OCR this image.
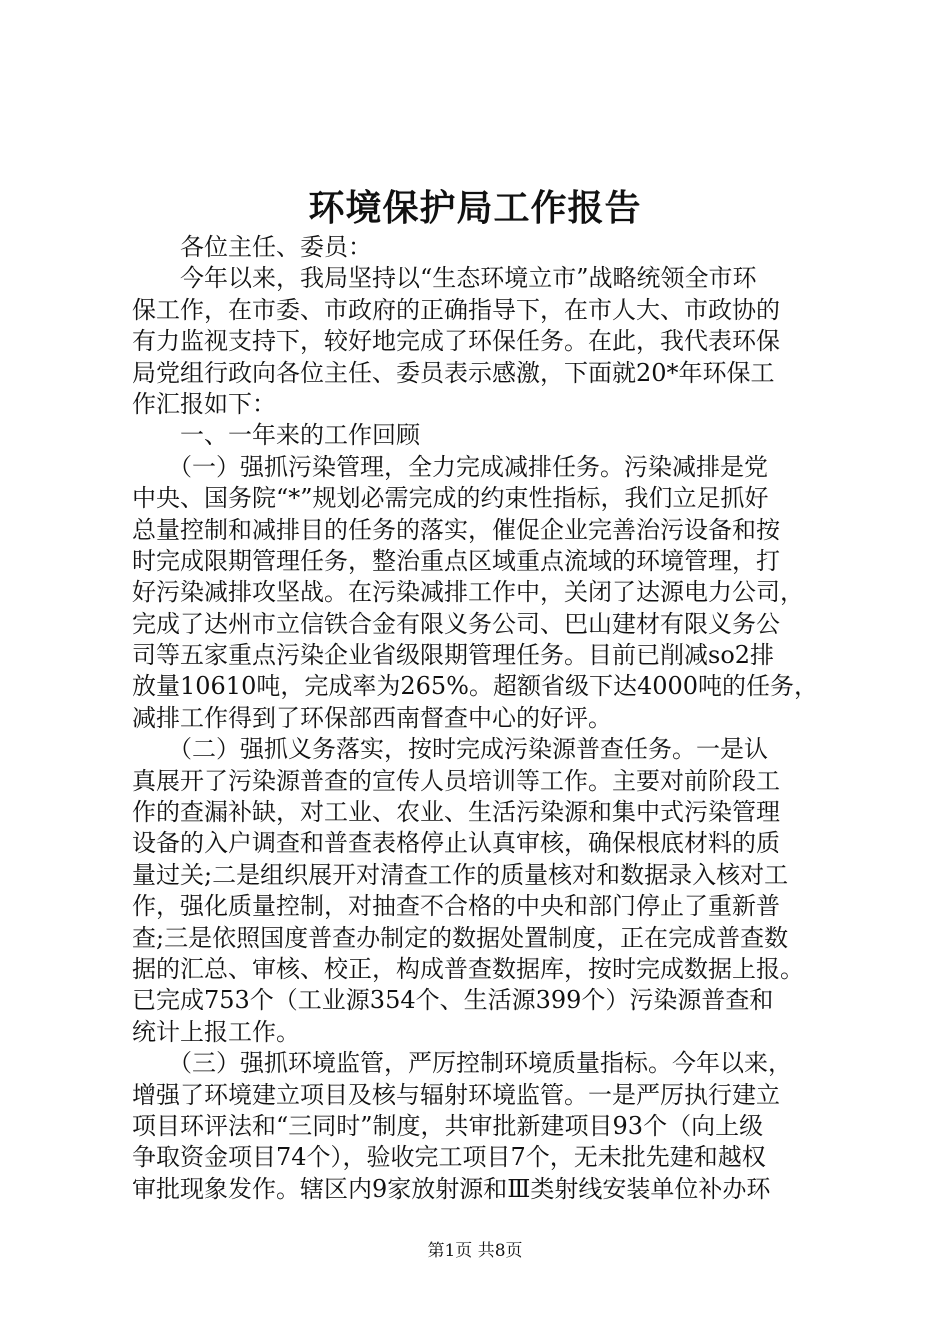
环境保护局工作报告
　　各位主任、委员：
　　今年以来，我局坚持以“生态环境立市”战略统领全市环
保工作，在市委、市政府的正确指导下，在市人大、市政协的
有力监视支持下，较好地完成了环保任务。在此，我代表环保
局党组行政向各位主任、委员表示感激，下面就20*年环保工
作汇报如下：
　　一、一年来的工作回顾
　　（一）强抓污染管理，全力完成减排任务。污染减排是党
中央、国务院“*”规划必需完成的约束性指标，我们立足抓好
总量控制和减排目的任务的落实，催促企业完善治污设备和按
时完成限期管理任务，整治重点区域重点流域的环境管理，打
好污染减排攻坚战。在污染减排工作中，关闭了达源电力公司，
完成了达州市立信铁合金有限义务公司、巴山建材有限义务公
司等五家重点污染企业省级限期管理任务。目前已削减so2排
放量10610吨，完成率为265%。超额省级下达4000吨的任务，
减排工作得到了环保部西南督查中心的好评。
　　（二）强抓义务落实，按时完成污染源普查任务。一是认
真展开了污染源普查的宣传人员培训等工作。主要对前阶段工
作的查漏补缺，对工业、农业、生活污染源和集中式污染管理
设备的入户调查和普查表格停止认真审核，确保根底材料的质
量过关;二是组织展开对清查工作的质量核对和数据录入核对工
作，强化质量控制，对抽查不合格的中央和部门停止了重新普
查;三是依照国度普查办制定的数据处置制度，正在完成普查数
据的汇总、审核、校正，构成普查数据库，按时完成数据上报。
已完成753个（工业源354个、生活源399个）污染源普查和
统计上报工作。
　　（三）强抓环境监管，严厉控制环境质量指标。今年以来，
增强了环境建立项目及核与辐射环境监管。一是严厉执行建立
项目环评法和“三同时”制度，共审批新建项目93个（向上级
争取资金项目74个），验收完工项目7个，无未批先建和越权
审批现象发作。辖区内9家放射源和Ⅲ类射线安装单位补办环
第1页 共8页
